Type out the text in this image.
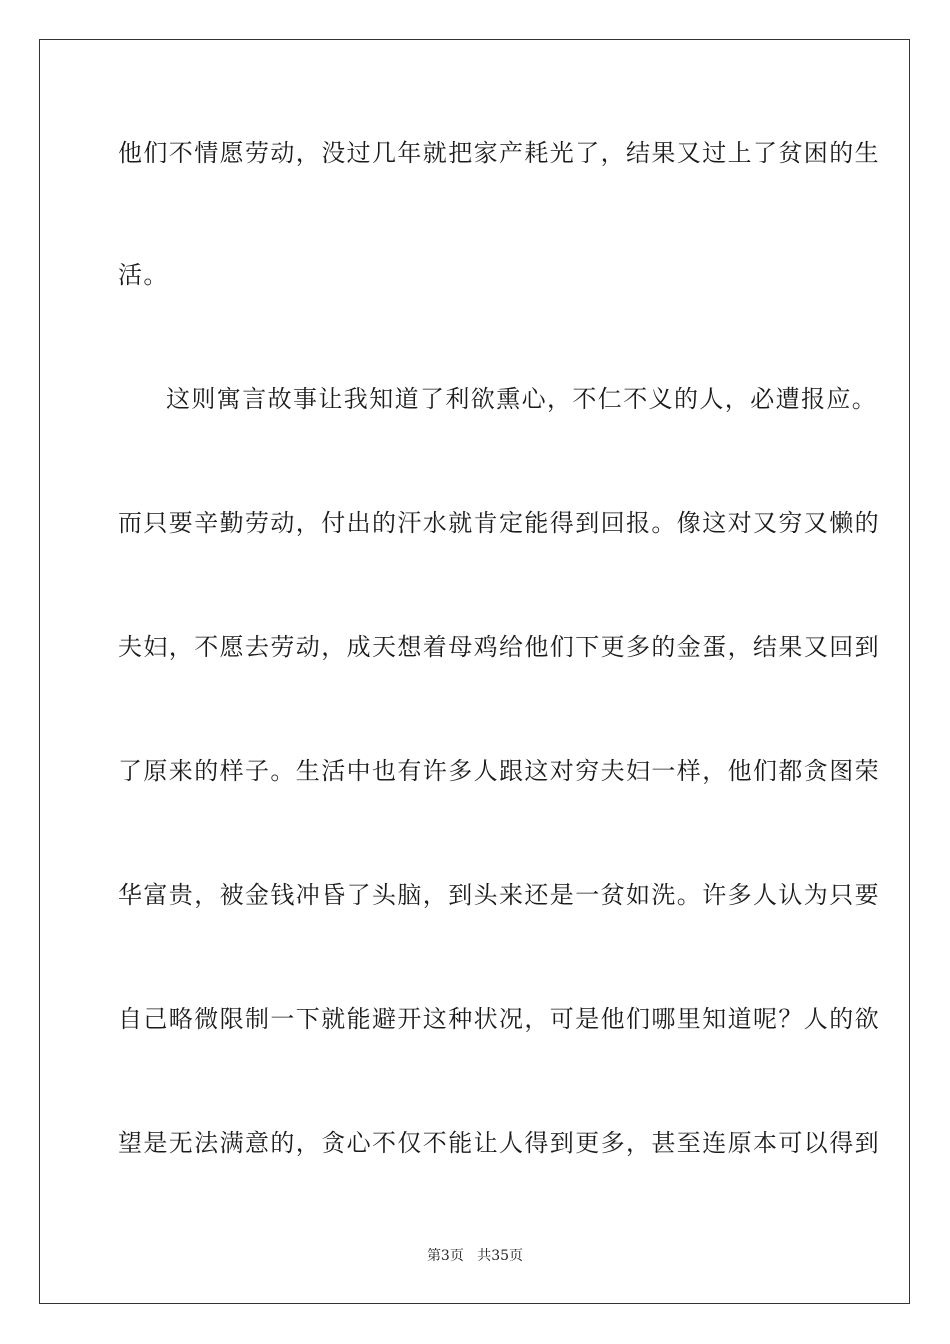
他们不情愿劳动，没过几年就把家产耗光了，结果又过上了贫困的生
活。
这则寓言故事让我知道了利欲熏心，不仁不义的人，必遭报应。
而只要辛勤劳动，付出的汗水就肯定能得到回报。像这对又穷又懒的
夫妇，不愿去劳动，成天想着母鸡给他们下更多的金蛋，结果又回到
了原来的样子。生活中也有许多人跟这对穷夫妇一样，他们都贪图荣
华富贵，被金钱冲昏了头脑，到头来还是一贫如洗。许多人认为只要
自己略微限制一下就能避开这种状况，可是他们哪里知道呢？人的欲
望是无法满意的，贪心不仅不能让人得到更多，甚至连原本可以得到
第3页 共35页
